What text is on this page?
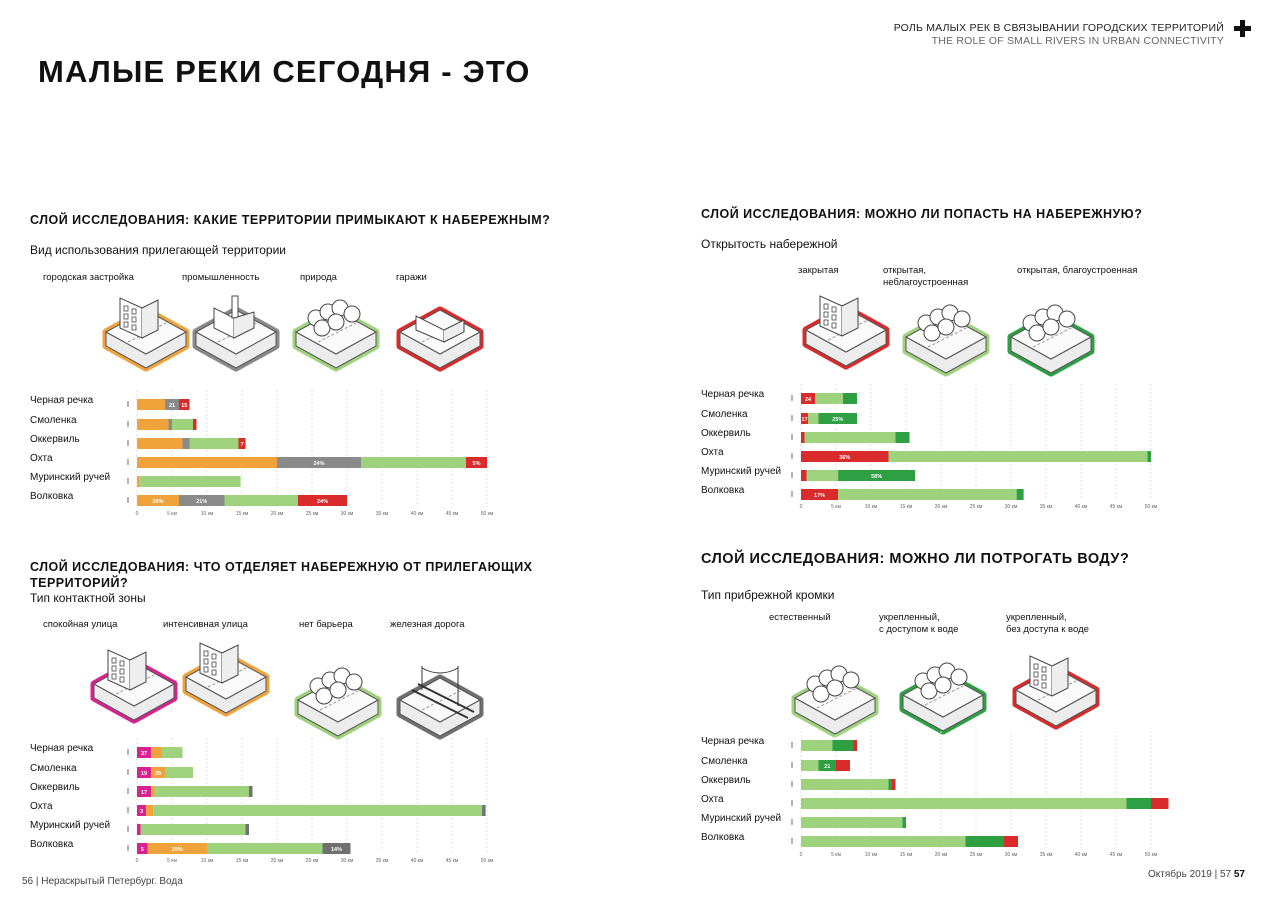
РОЛЬ МАЛЫХ РЕК В СВЯЗЫВАНИИ ГОРОДСКИХ ТЕРРИТОРИЙ
THE ROLE OF SMALL RIVERS IN URBAN CONNECTIVITY
МАЛЫЕ РЕКИ СЕГОДНЯ - ЭТО
СЛОЙ ИССЛЕДОВАНИЯ: КАКИЕ ТЕРРИТОРИИ ПРИМЫКАЮТ К НАБЕРЕЖНЫМ?
Вид использования прилегающей территории
СЛОЙ ИССЛЕДОВАНИЯ: ЧТО ОТДЕЛЯЕТ НАБЕРЕЖНУЮ ОТ ПРИЛЕГАЮЩИХ ТЕРРИТОРИЙ?
Тип контактной зоны
СЛОЙ ИССЛЕДОВАНИЯ: МОЖНО ЛИ ПОПАСТЬ НА НАБЕРЕЖНУЮ?
Открытость набережной
СЛОЙ ИССЛЕДОВАНИЯ: МОЖНО ЛИ ПОТРОГАТЬ ВОДУ?
Тип прибрежной кромки
городская застройка	промышленность	природа	гаражи
спокойная улица	интенсивная улица	нет барьера	железная дорога
закрытая	открытая,
неблагоустроенная
открытая, благоустроенная
естественный	укрепленный,
с доступом к воде
укрепленный,
без доступа к воде
0	5 км	10 км	15 км	20 км	25 км	30 км	35 км	40 км	45 км	50 км
Черная речка	21 15
Смоленка
Оккервиль	7
Охта	24%	5%
Муринский ручей
Волковка	29%	21%	24%
0	5 км	10 км	15 км	20 км	25 км	30 км	35 км	40 км	45 км	50 км
Черная речка	37
Смоленка	19 39
Оккервиль	17
Охта	3
Муринский ручей
Волковка	5	29%	14%
0	5 км	10 км	15 км	20 км	25 км	30 км	35 км	40 км	45 км	50 км
Черная речка	24
Смоленка	17	25%
Оккервиль
Охта	36%
Муринский ручей	58%
Волковка	17%
0	5 км	10 км	15 км	20 км	25 км	30 км	35 км	40 км	45 км	50 км
Черная речка
Смоленка	21
Оккервиль
Охта
Муринский ручей
Волковка
56 | Нераскрытый Петербург. Вода
Октябрь 2019 | 57 57
